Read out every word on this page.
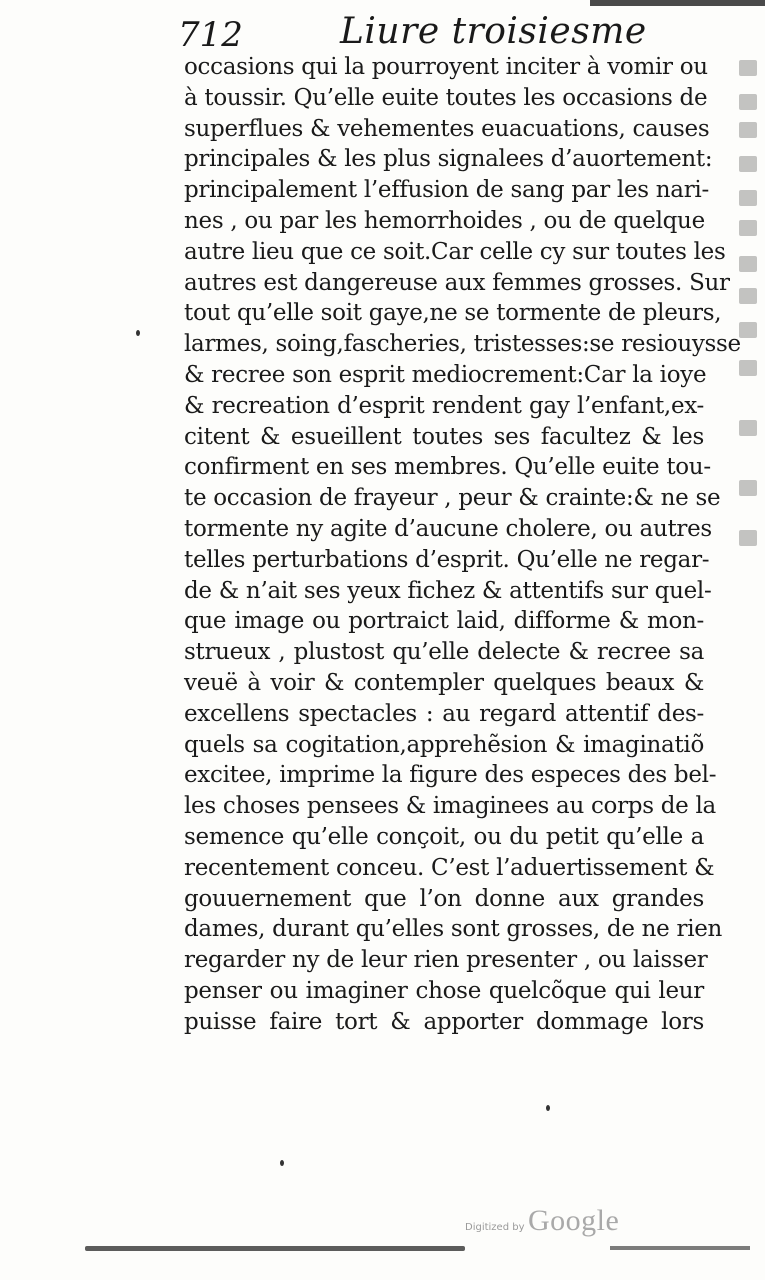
712	Liure troisiesme
occasions qui la pourroyent inciter à vomir ou
à toussir. Qu’elle euite toutes les occasions de
superflues & vehementes euacuations, causes
principales & les plus signalees d’auortement:
principalement l’effusion de sang par les nari-
nes , ou par les hemorrhoides , ou de quelque
autre lieu que ce soit.Car celle cy sur toutes les
autres est dangereuse aux femmes grosses. Sur
tout qu’elle soit gaye,ne se tormente de pleurs,
larmes, soing,fascheries, tristesses:se resiouysse
& recree son esprit mediocrement:Car la ioye
& recreation d’esprit rendent gay l’enfant,ex-
citent & esueillent toutes ses facultez & les
confirment en ses membres. Qu’elle euite tou-
te occasion de frayeur , peur & crainte:& ne se
tormente ny agite d’aucune cholere, ou autres
telles perturbations d’esprit. Qu’elle ne regar-
de & n’ait ses yeux fichez & attentifs sur quel-
que image ou portraict laid, difforme & mon-
strueux , plustost qu’elle delecte & recree sa
veuë à voir & contempler quelques beaux &
excellens spectacles : au regard attentif des-
quels sa cogitation,apprehẽsion & imaginatiõ
excitee, imprime la figure des especes des bel-
les choses pensees & imaginees au corps de la
semence qu’elle conçoit, ou du petit qu’elle a
recentement conceu. C’est l’aduertissement &
gouuernement que l’on donne aux grandes
dames, durant qu’elles sont grosses, de ne rien
regarder ny de leur rien presenter , ou laisser
penser ou imaginer chose quelcõque qui leur
puisse faire tort & apporter dommage lors
Digitized by Google
